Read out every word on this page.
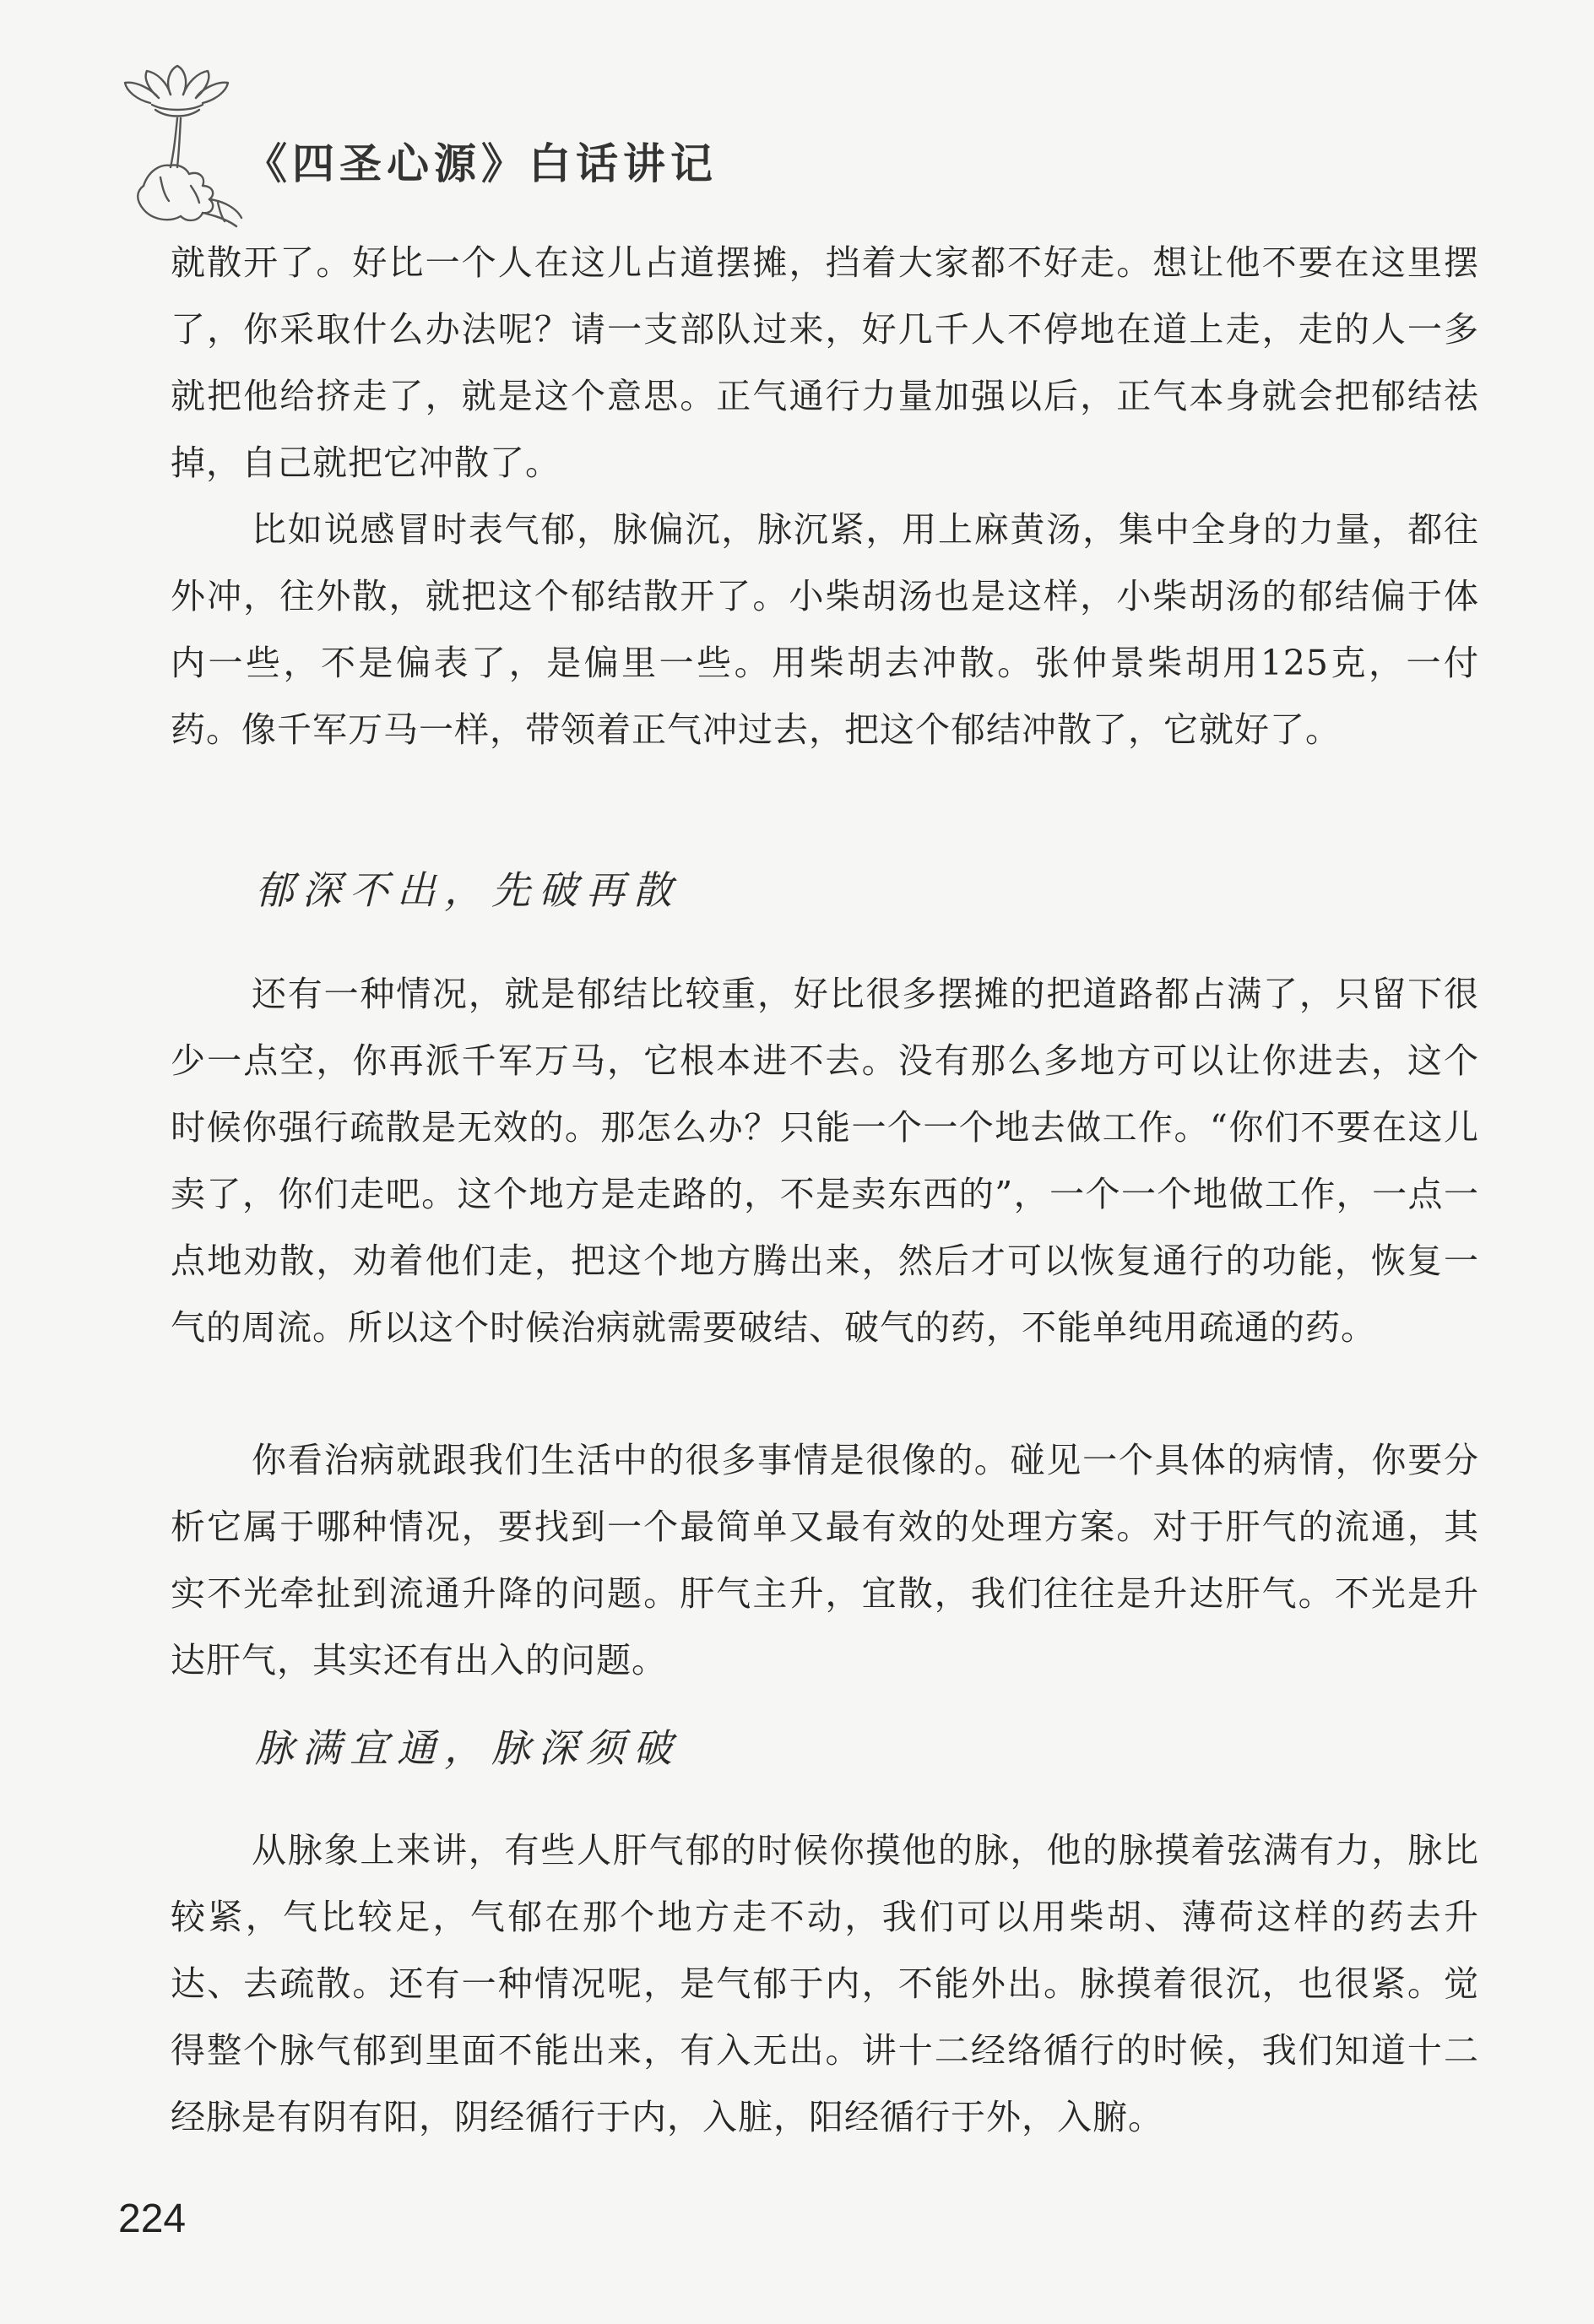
《四圣心源》白话讲记

就散开了。好比一个人在这儿占道摆摊，挡着大家都不好走。想让他不要在这里摆了，你采取什么办法呢？请一支部队过来，好几千人不停地在道上走，走的人一多就把他给挤走了，就是这个意思。正气通行力量加强以后，正气本身就会把郁结祛掉，自己就把它冲散了。

比如说感冒时表气郁，脉偏沉，脉沉紧，用上麻黄汤，集中全身的力量，都往外冲，往外散，就把这个郁结散开了。小柴胡汤也是这样，小柴胡汤的郁结偏于体内一些，不是偏表了，是偏里一些。用柴胡去冲散。张仲景柴胡用125克，一付药。像千军万马一样，带领着正气冲过去，把这个郁结冲散了，它就好了。

郁深不出，先破再散

还有一种情况，就是郁结比较重，好比很多摆摊的把道路都占满了，只留下很少一点空，你再派千军万马，它根本进不去。没有那么多地方可以让你进去，这个时候你强行疏散是无效的。那怎么办？只能一个一个地去做工作。“你们不要在这儿卖了，你们走吧。这个地方是走路的，不是卖东西的”，一个一个地做工作，一点一点地劝散，劝着他们走，把这个地方腾出来，然后才可以恢复通行的功能，恢复一气的周流。所以这个时候治病就需要破结、破气的药，不能单纯用疏通的药。

你看治病就跟我们生活中的很多事情是很像的。碰见一个具体的病情，你要分析它属于哪种情况，要找到一个最简单又最有效的处理方案。对于肝气的流通，其实不光牵扯到流通升降的问题。肝气主升，宜散，我们往往是升达肝气。不光是升达肝气，其实还有出入的问题。

脉满宜通，脉深须破

从脉象上来讲，有些人肝气郁的时候你摸他的脉，他的脉摸着弦满有力，脉比较紧，气比较足，气郁在那个地方走不动，我们可以用柴胡、薄荷这样的药去升达、去疏散。还有一种情况呢，是气郁于内，不能外出。脉摸着很沉，也很紧。觉得整个脉气郁到里面不能出来，有入无出。讲十二经络循行的时候，我们知道十二经脉是有阴有阳，阴经循行于内，入脏，阳经循行于外，入腑。

224
